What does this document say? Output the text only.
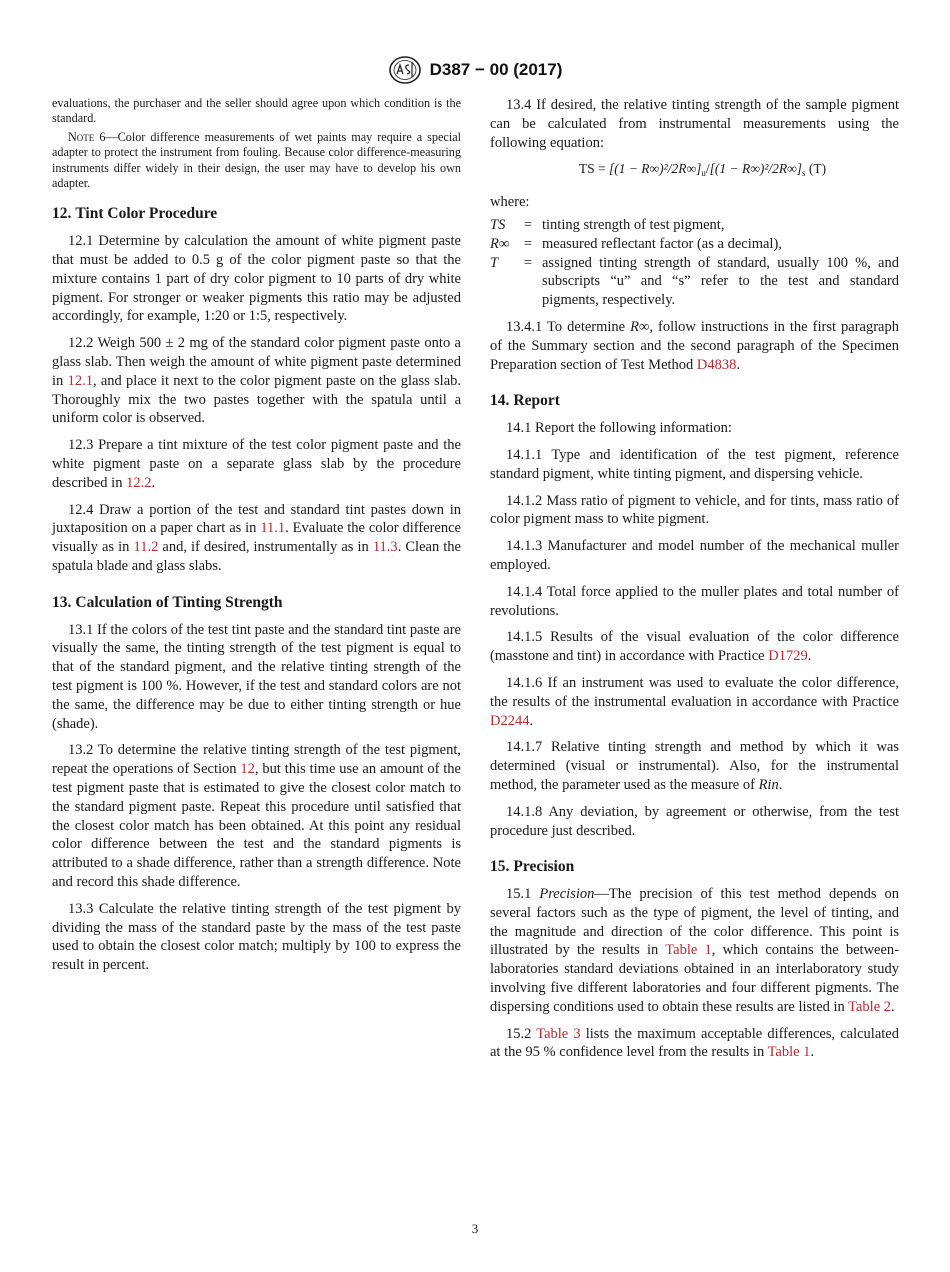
D387 − 00 (2017)

evaluations, the purchaser and the seller should agree upon which condition is the standard.

Note 6—Color difference measurements of wet paints may require a special adapter to protect the instrument from fouling. Because color difference-measuring instruments differ widely in their design, the user may have to develop his own adapter.

12. Tint Color Procedure

12.1 Determine by calculation the amount of white pigment paste that must be added to 0.5 g of the color pigment paste so that the mixture contains 1 part of dry color pigment to 10 parts of dry white pigment. For stronger or weaker pigments this ratio may be adjusted accordingly, for example, 1:20 or 1:5, respectively.

12.2 Weigh 500 ± 2 mg of the standard color pigment paste onto a glass slab. Then weigh the amount of white pigment paste determined in 12.1, and place it next to the color pigment paste on the glass slab. Thoroughly mix the two pastes together with the spatula until a uniform color is observed.

12.3 Prepare a tint mixture of the test color pigment paste and the white pigment paste on a separate glass slab by the procedure described in 12.2.

12.4 Draw a portion of the test and standard tint pastes down in juxtaposition on a paper chart as in 11.1. Evaluate the color difference visually as in 11.2 and, if desired, instrumentally as in 11.3. Clean the spatula blade and glass slabs.

13. Calculation of Tinting Strength

13.1 If the colors of the test tint paste and the standard tint paste are visually the same, the tinting strength of the test pigment is equal to that of the standard pigment, and the relative tinting strength of the test pigment is 100 %. However, if the test and standard colors are not the same, the difference may be due to either tinting strength or hue (shade).

13.2 To determine the relative tinting strength of the test pigment, repeat the operations of Section 12, but this time use an amount of the test pigment paste that is estimated to give the closest color match to the standard pigment paste. Repeat this procedure until satisfied that the closest color match has been obtained. At this point any residual color difference between the test and the standard pigments is attributed to a shade difference, rather than a strength difference. Note and record this shade difference.

13.3 Calculate the relative tinting strength of the test pigment by dividing the mass of the standard paste by the mass of the test paste used to obtain the closest color match; multiply by 100 to express the result in percent.

13.4 If desired, the relative tinting strength of the sample pigment can be calculated from instrumental measurements using the following equation:

TS = $[(1 - R\infty)^2/2R\infty]_u/[(1 - R\infty)^2/2R\infty]_s$ (T)

where:
TS	= tinting strength of test pigment,
R∞	= measured reflectant factor (as a decimal),
T	= assigned tinting strength of standard, usually 100 %, and subscripts “u” and “s” refer to the test and standard pigments, respectively.

13.4.1 To determine R∞, follow instructions in the first paragraph of the Summary section and the second paragraph of the Specimen Preparation section of Test Method D4838.

14. Report

14.1 Report the following information:

14.1.1 Type and identification of the test pigment, reference standard pigment, white tinting pigment, and dispersing vehicle.

14.1.2 Mass ratio of pigment to vehicle, and for tints, mass ratio of color pigment mass to white pigment.

14.1.3 Manufacturer and model number of the mechanical muller employed.

14.1.4 Total force applied to the muller plates and total number of revolutions.

14.1.5 Results of the visual evaluation of the color difference (masstone and tint) in accordance with Practice D1729.

14.1.6 If an instrument was used to evaluate the color difference, the results of the instrumental evaluation in accordance with Practice D2244.

14.1.7 Relative tinting strength and method by which it was determined (visual or instrumental). Also, for the instrumental method, the parameter used as the measure of Rin.

14.1.8 Any deviation, by agreement or otherwise, from the test procedure just described.

15. Precision

15.1 Precision—The precision of this test method depends on several factors such as the type of pigment, the level of tinting, and the magnitude and direction of the color difference. This point is illustrated by the results in Table 1, which contains the between-laboratories standard deviations obtained in an interlaboratory study involving five different laboratories and four different pigments. The dispersing conditions used to obtain these results are listed in Table 2.

15.2 Table 3 lists the maximum acceptable differences, calculated at the 95 % confidence level from the results in Table 1.

3
